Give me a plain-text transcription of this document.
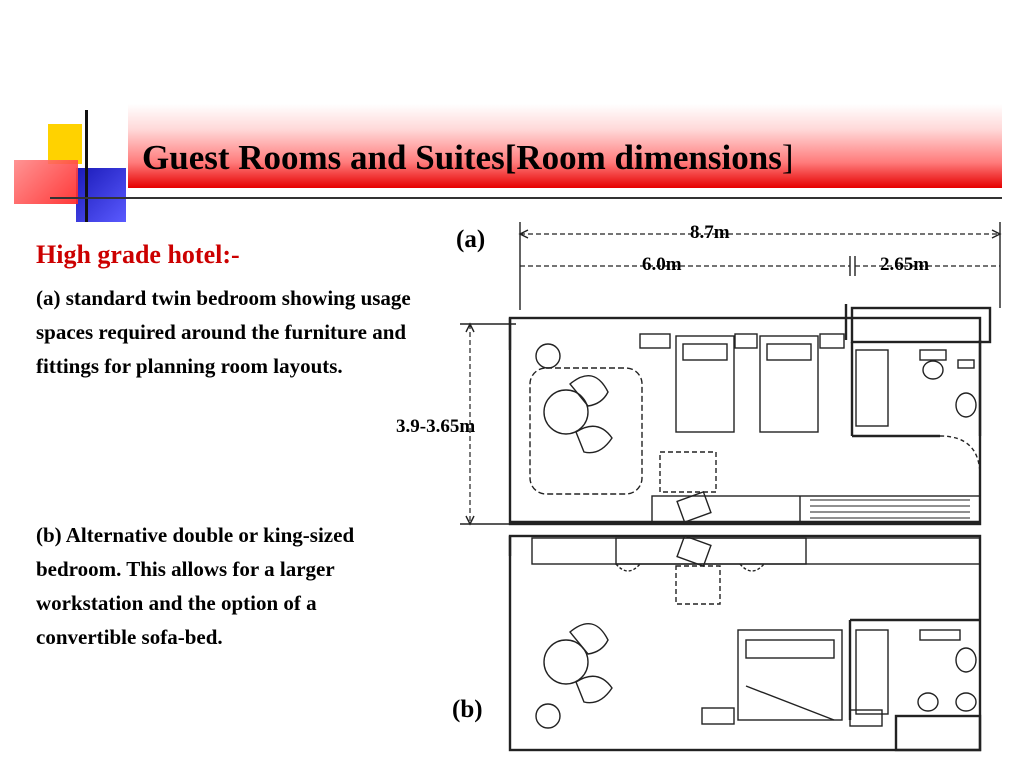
Guest Rooms and Suites[Room dimensions]
High grade hotel:-
(a) standard twin bedroom showing usage spaces required around the furniture and fittings for planning room layouts.
(b) Alternative double or king-sized bedroom. This allows for a larger workstation and the option of a convertible sofa-bed.
(a)
(b)
8.7m
6.0m	2.65m
3.9-3.65m
